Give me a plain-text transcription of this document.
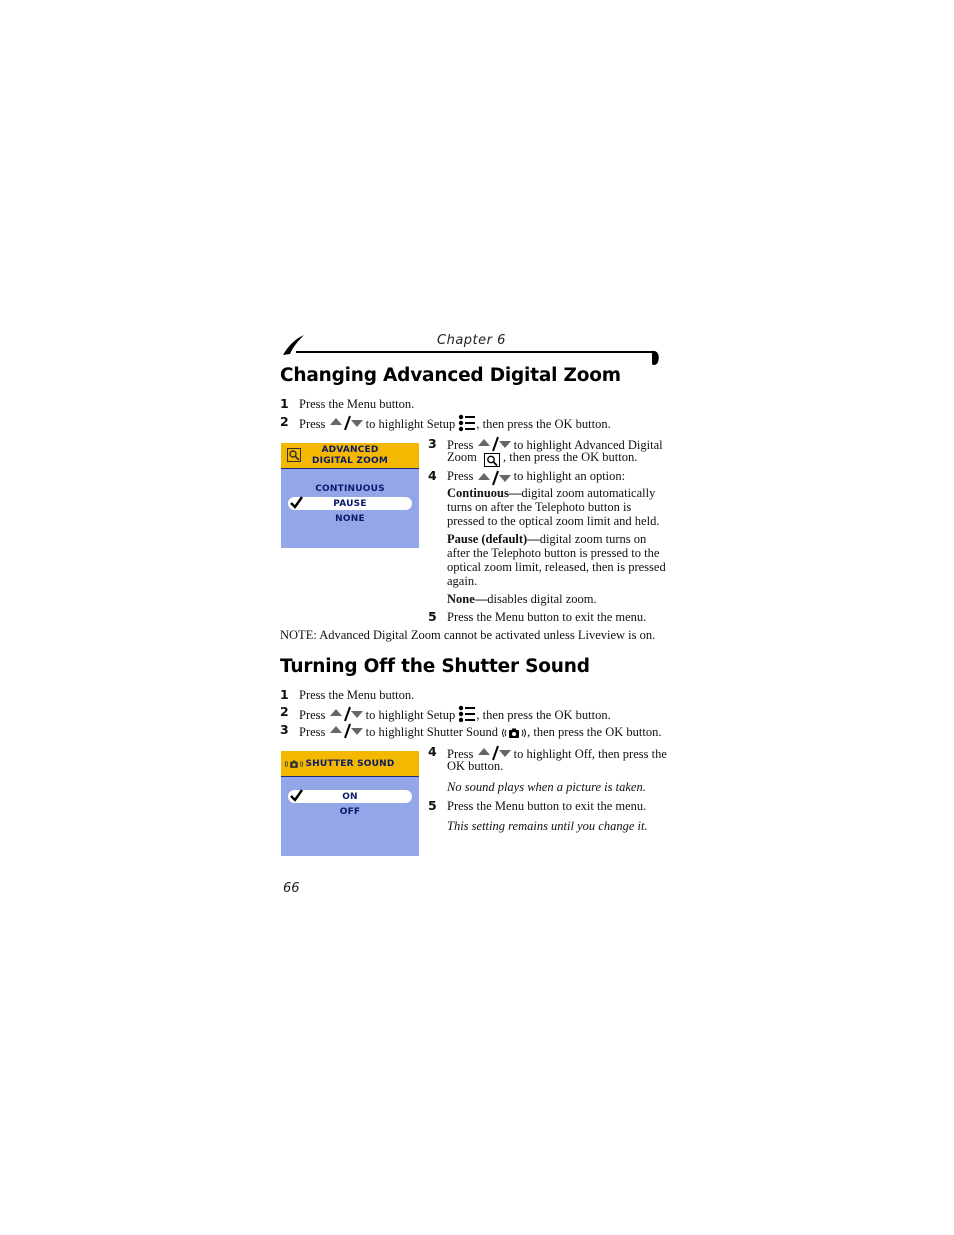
Chapter 6
Changing Advanced Digital Zoom
1 Press the Menu button.
2 Press	to highlight Setup , then press the OK button.
ADVANCED
DIGITAL ZOOM
CONTINUOUS
PAUSE
NONE
3 Press	to highlight Advanced Digital
Zoom , then press the OK button.
4 Press	to highlight an option:
Continuous—digital zoom automatically
turns on after the Telephoto button is
pressed to the optical zoom limit and held.
Pause (default)—digital zoom turns on
after the Telephoto button is pressed to the
optical zoom limit, released, then is pressed
again.
None—disables digital zoom.
5 Press the Menu button to exit the menu.
NOTE: Advanced Digital Zoom cannot be activated unless Liveview is on.
Turning Off the Shutter Sound
1 Press the Menu button.
2 Press	to highlight Setup , then press the OK button.
3 Press	to highlight Shutter Sound , then press the OK button.
SHUTTER SOUND
ON
OFF
4 Press	to highlight Off, then press the
OK button.
No sound plays when a picture is taken.
5 Press the Menu button to exit the menu.
This setting remains until you change it.
66
